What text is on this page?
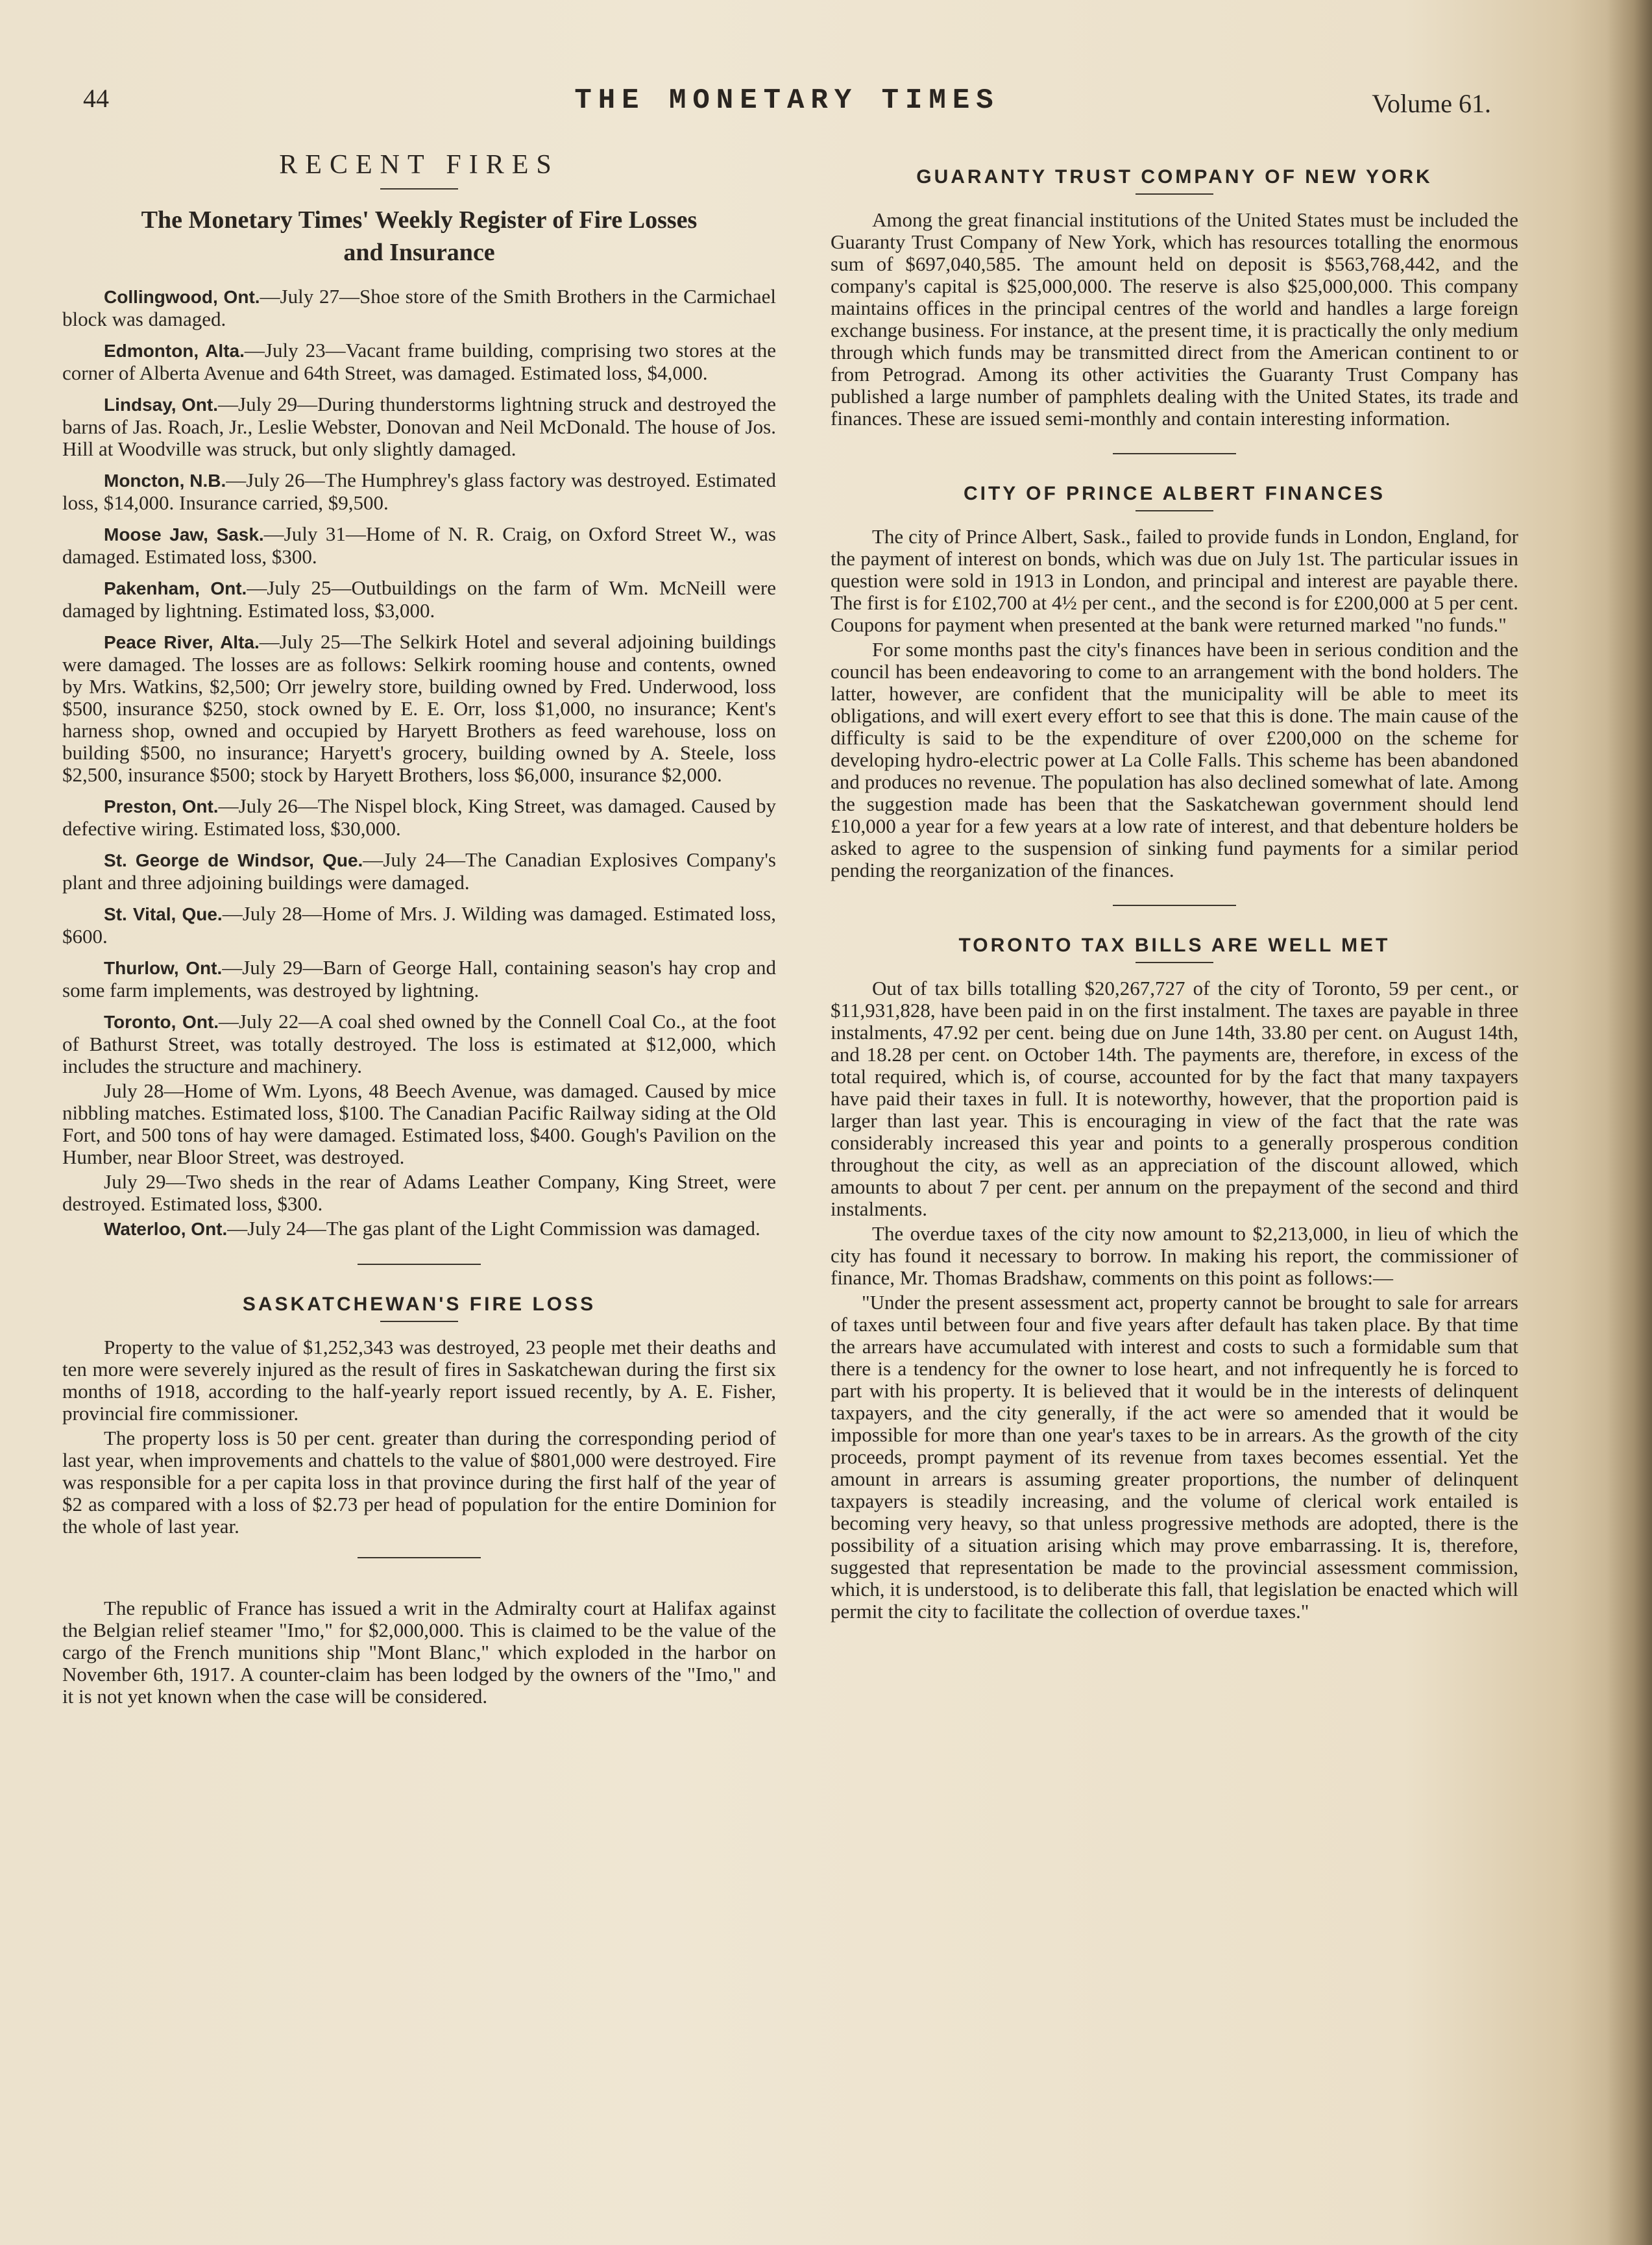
44	THE MONETARY TIMES	Volume 61.
RECENT FIRES
The Monetary Times' Weekly Register of Fire Losses
and Insurance

Collingwood, Ont.—July 27—Shoe store of the Smith Brothers in the Carmichael block was damaged.

Edmonton, Alta.—July 23—Vacant frame building, comprising two stores at the corner of Alberta Avenue and 64th Street, was damaged. Estimated loss, $4,000.

Lindsay, Ont.—July 29—During thunderstorms lightning struck and destroyed the barns of Jas. Roach, Jr., Leslie Webster, Donovan and Neil McDonald. The house of Jos. Hill at Woodville was struck, but only slightly damaged.

Moncton, N.B.—July 26—The Humphrey's glass factory was destroyed. Estimated loss, $14,000. Insurance carried, $9,500.

Moose Jaw, Sask.—July 31—Home of N. R. Craig, on Oxford Street W., was damaged. Estimated loss, $300.

Pakenham, Ont.—July 25—Outbuildings on the farm of Wm. McNeill were damaged by lightning. Estimated loss, $3,000.

Peace River, Alta.—July 25—The Selkirk Hotel and several adjoining buildings were damaged. The losses are as follows: Selkirk rooming house and contents, owned by Mrs. Watkins, $2,500; Orr jewelry store, building owned by Fred. Underwood, loss $500, insurance $250, stock owned by E. E. Orr, loss $1,000, no insurance; Kent's harness shop, owned and occupied by Haryett Brothers as feed warehouse, loss on building $500, no insurance; Haryett's grocery, building owned by A. Steele, loss $2,500, insurance $500; stock by Haryett Brothers, loss $6,000, insurance $2,000.

Preston, Ont.—July 26—The Nispel block, King Street, was damaged. Caused by defective wiring. Estimated loss, $30,000.

St. George de Windsor, Que.—July 24—The Canadian Explosives Company's plant and three adjoining buildings were damaged.

St. Vital, Que.—July 28—Home of Mrs. J. Wilding was damaged. Estimated loss, $600.

Thurlow, Ont.—July 29—Barn of George Hall, containing season's hay crop and some farm implements, was destroyed by lightning.

Toronto, Ont.—July 22—A coal shed owned by the Connell Coal Co., at the foot of Bathurst Street, was totally destroyed. The loss is estimated at $12,000, which includes the structure and machinery.

July 28—Home of Wm. Lyons, 48 Beech Avenue, was damaged. Caused by mice nibbling matches. Estimated loss, $100. The Canadian Pacific Railway siding at the Old Fort, and 500 tons of hay were damaged. Estimated loss, $400. Gough's Pavilion on the Humber, near Bloor Street, was destroyed.

July 29—Two sheds in the rear of Adams Leather Company, King Street, were destroyed. Estimated loss, $300.

Waterloo, Ont.—July 24—The gas plant of the Light Commission was damaged.

SASKATCHEWAN'S FIRE LOSS

Property to the value of $1,252,343 was destroyed, 23 people met their deaths and ten more were severely injured as the result of fires in Saskatchewan during the first six months of 1918, according to the half-yearly report issued recently, by A. E. Fisher, provincial fire commissioner.

The property loss is 50 per cent. greater than during the corresponding period of last year, when improvements and chattels to the value of $801,000 were destroyed. Fire was responsible for a per capita loss in that province during the first half of the year of $2 as compared with a loss of $2.73 per head of population for the entire Dominion for the whole of last year.

The republic of France has issued a writ in the Admiralty court at Halifax against the Belgian relief steamer "Imo," for $2,000,000. This is claimed to be the value of the cargo of the French munitions ship "Mont Blanc," which exploded in the harbor on November 6th, 1917. A counter-claim has been lodged by the owners of the "Imo," and it is not yet known when the case will be considered.

GUARANTY TRUST COMPANY OF NEW YORK

Among the great financial institutions of the United States must be included the Guaranty Trust Company of New York, which has resources totalling the enormous sum of $697,040,585. The amount held on deposit is $563,768,442, and the company's capital is $25,000,000. The reserve is also $25,000,000. This company maintains offices in the principal centres of the world and handles a large foreign exchange business. For instance, at the present time, it is practically the only medium through which funds may be transmitted direct from the American continent to or from Petrograd. Among its other activities the Guaranty Trust Company has published a large number of pamphlets dealing with the United States, its trade and finances. These are issued semi-monthly and contain interesting information.

CITY OF PRINCE ALBERT FINANCES

The city of Prince Albert, Sask., failed to provide funds in London, England, for the payment of interest on bonds, which was due on July 1st. The particular issues in question were sold in 1913 in London, and principal and interest are payable there. The first is for £102,700 at 4½ per cent., and the second is for £200,000 at 5 per cent. Coupons for payment when presented at the bank were returned marked "no funds."

For some months past the city's finances have been in serious condition and the council has been endeavoring to come to an arrangement with the bond holders. The latter, however, are confident that the municipality will be able to meet its obligations, and will exert every effort to see that this is done. The main cause of the difficulty is said to be the expenditure of over £200,000 on the scheme for developing hydro-electric power at La Colle Falls. This scheme has been abandoned and produces no revenue. The population has also declined somewhat of late. Among the suggestion made has been that the Saskatchewan government should lend £10,000 a year for a few years at a low rate of interest, and that debenture holders be asked to agree to the suspension of sinking fund payments for a similar period pending the reorganization of the finances.

TORONTO TAX BILLS ARE WELL MET

Out of tax bills totalling $20,267,727 of the city of Toronto, 59 per cent., or $11,931,828, have been paid in on the first instalment. The taxes are payable in three instalments, 47.92 per cent. being due on June 14th, 33.80 per cent. on August 14th, and 18.28 per cent. on October 14th. The payments are, therefore, in excess of the total required, which is, of course, accounted for by the fact that many taxpayers have paid their taxes in full. It is noteworthy, however, that the proportion paid is larger than last year. This is encouraging in view of the fact that the rate was considerably increased this year and points to a generally prosperous condition throughout the city, as well as an appreciation of the discount allowed, which amounts to about 7 per cent. per annum on the prepayment of the second and third instalments.

The overdue taxes of the city now amount to $2,213,000, in lieu of which the city has found it necessary to borrow. In making his report, the commissioner of finance, Mr. Thomas Bradshaw, comments on this point as follows:—

"Under the present assessment act, property cannot be brought to sale for arrears of taxes until between four and five years after default has taken place. By that time the arrears have accumulated with interest and costs to such a formidable sum that there is a tendency for the owner to lose heart, and not infrequently he is forced to part with his property. It is believed that it would be in the interests of delinquent taxpayers, and the city generally, if the act were so amended that it would be impossible for more than one year's taxes to be in arrears. As the growth of the city proceeds, prompt payment of its revenue from taxes becomes essential. Yet the amount in arrears is assuming greater proportions, the number of delinquent taxpayers is steadily increasing, and the volume of clerical work entailed is becoming very heavy, so that unless progressive methods are adopted, there is the possibility of a situation arising which may prove embarrassing. It is, therefore, suggested that representation be made to the provincial assessment commission, which, it is understood, is to deliberate this fall, that legislation be enacted which will permit the city to facilitate the collection of overdue taxes."
